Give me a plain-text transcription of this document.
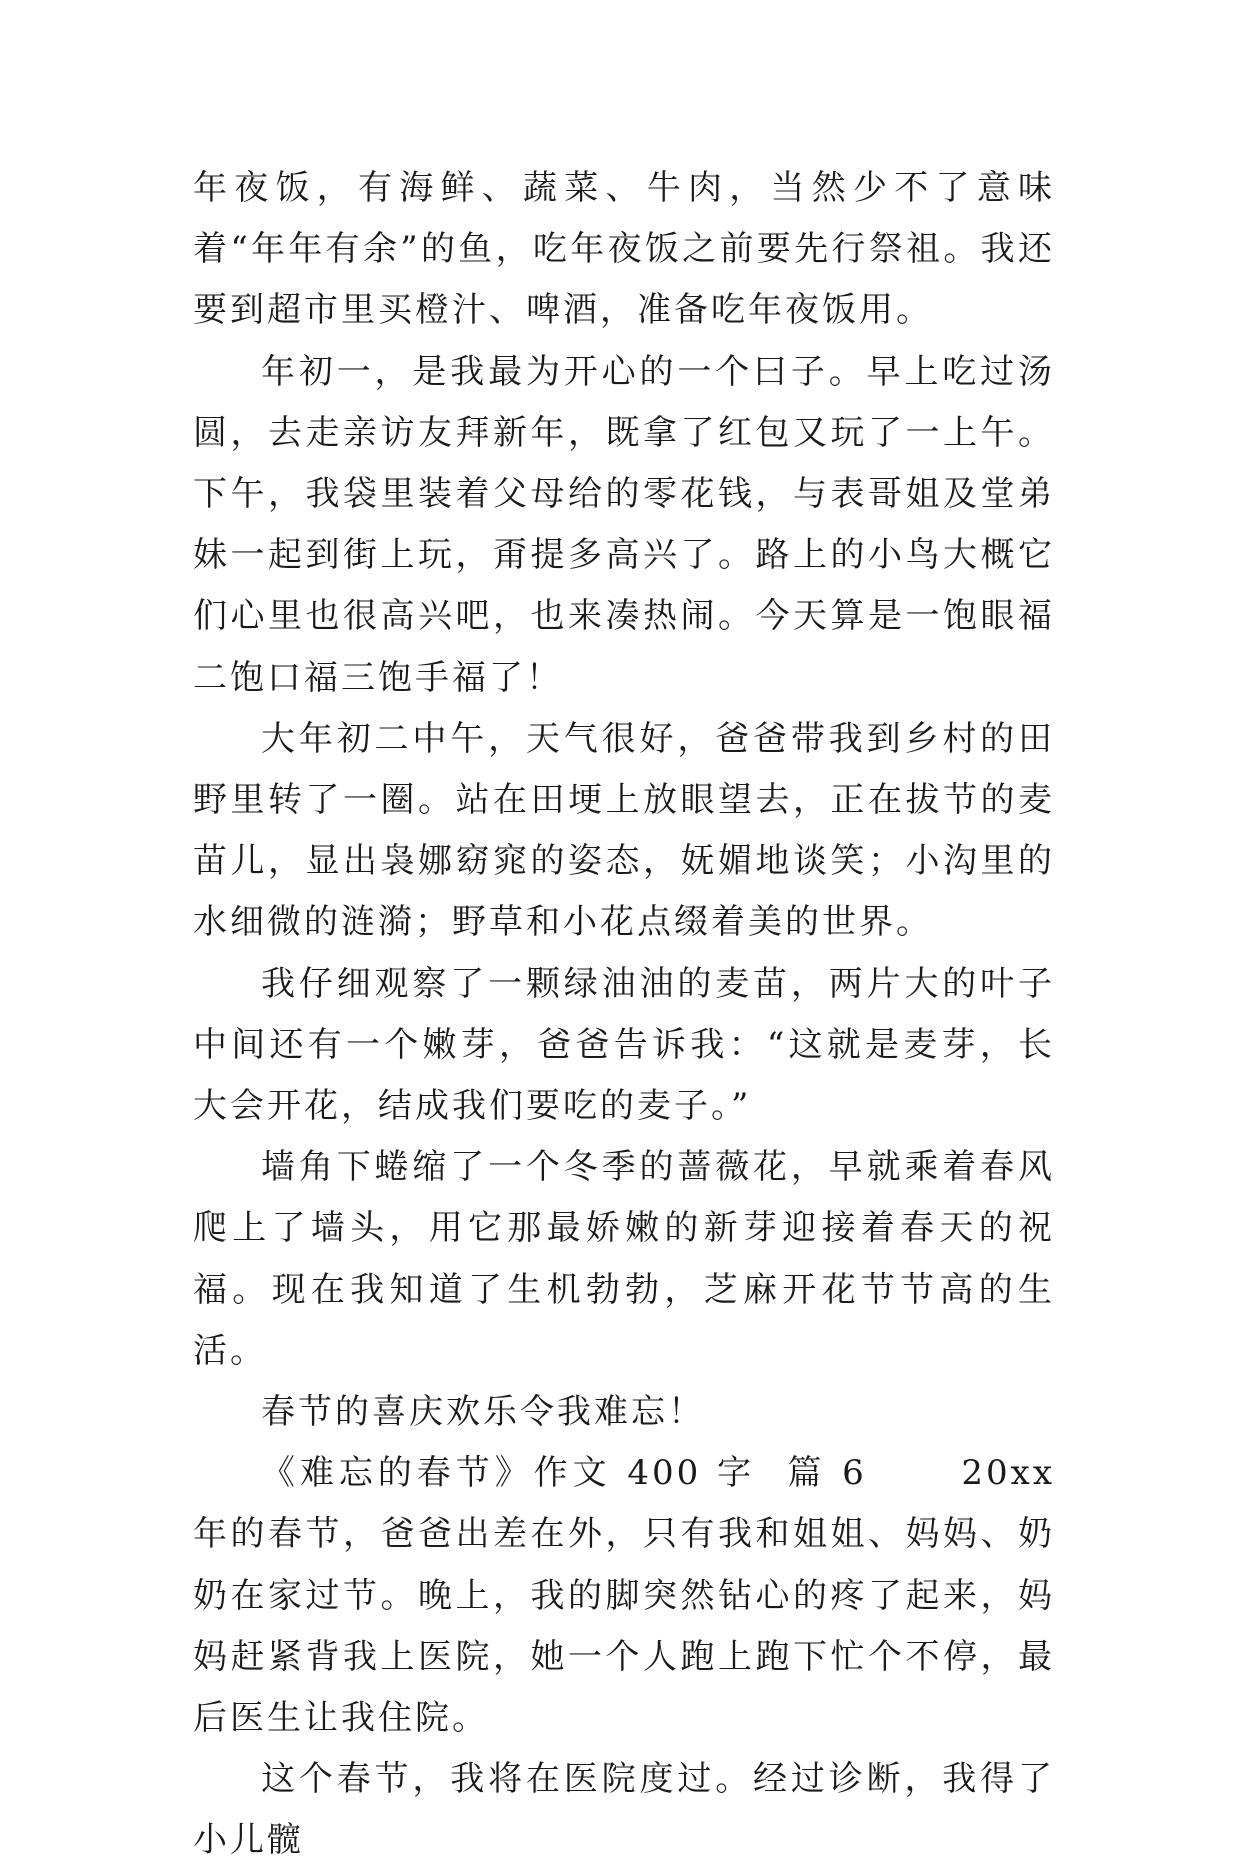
年夜饭，有海鲜、蔬菜、牛肉，当然少不了意味着“年年有余”的鱼，吃年夜饭之前要先行祭祖。我还要到超市里买橙汁、啤酒，准备吃年夜饭用。

年初一，是我最为开心的一个曰子。早上吃过汤圆，去走亲访友拜新年，既拿了红包又玩了一上午。下午，我袋里装着父母给的零花钱，与表哥姐及堂弟妹一起到街上玩，甭提多高兴了。路上的小鸟大概它们心里也很高兴吧，也来凑热闹。今天算是一饱眼福二饱口福三饱手福了！

大年初二中午，天气很好，爸爸带我到乡村的田野里转了一圈。站在田埂上放眼望去，正在拔节的麦苗儿，显出袅娜窈窕的姿态，妩媚地谈笑；小沟里的水细微的涟漪；野草和小花点缀着美的世界。

我仔细观察了一颗绿油油的麦苗，两片大的叶子中间还有一个嫩芽，爸爸告诉我：“这就是麦芽，长大会开花，结成我们要吃的麦子。”

墙角下蜷缩了一个冬季的蔷薇花，早就乘着春风爬上了墙头，用它那最娇嫩的新芽迎接着春天的祝福。现在我知道了生机勃勃，芝麻开花节节高的生活。

春节的喜庆欢乐令我难忘！

《难忘的春节》作文 400 字  篇 6      20xx 年的春节，爸爸出差在外，只有我和姐姐、妈妈、奶奶在家过节。晚上，我的脚突然钻心的疼了起来，妈妈赶紧背我上医院，她一个人跑上跑下忙个不停，最后医生让我住院。

这个春节，我将在医院度过。经过诊断，我得了小儿髋
